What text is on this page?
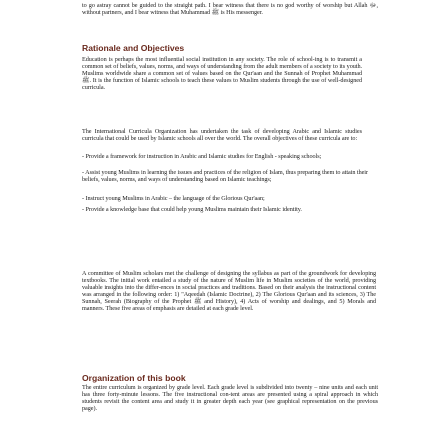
to go astray cannot be guided to the straight path. I bear witness that there is no god worthy of worship but Allah ﷻ, without partners, and I bear witness that Muhammad ﷺ is His messenger.

Rationale and Objectives

Education is perhaps the most influential social institution in any society. The role of school-ing is to transmit a common set of beliefs, values, norms, and ways of understanding from the adult members of a society to its youth. Muslims worldwide share a common set of values based on the Qur'aan and the Sunnah of Prophet Muhammad ﷺ. It is the function of Islamic schools to teach these values to Muslim students through the use of well-designed curricula.

The International Curricula Organization has undertaken the task of developing Arabic and Islamic studies curricula that could be used by Islamic schools all over the world. The overall objectives of these curricula are to:

- Provide a framework for instruction in Arabic and Islamic studies for English - speaking schools;

- Assist young Muslims in learning the issues and practices of the religion of Islam, thus preparing them to attain their beliefs, values, norms, and ways of understanding based on Islamic teachings;

- Instruct young Muslims in Arabic – the language of the Glorious Qur'aan;

- Provide a knowledge base that could help young Muslims maintain their Islamic identity.

A committee of Muslim scholars met the challenge of designing the syllabus as part of the groundwork for developing textbooks. The initial work entailed a study of the nature of Muslim life in Muslim societies of the world, providing valuable insights into the differ-ences in social practices and traditions. Based on their analysis the instructional content was arranged in the following order: 1) "Aqeedah (Islamic Doctrine), 2) The Glorious Qur'aan and its sciences, 3) The Sunnah, Seerah (Biography of the Prophet ﷺ and History), 4) Acts of worship and dealings, and 5) Morals and manners. These five areas of emphasis are detailed at each grade level.

Organization of this book

The entire curriculum is organized by grade level. Each grade level is subdivided into twenty – nine units and each unit has three forty-minute lessons. The five instructional con-tent areas are presented using a spiral approach in which students revisit the content area and study it in greater depth each year (see graphical representation on the previous page).
